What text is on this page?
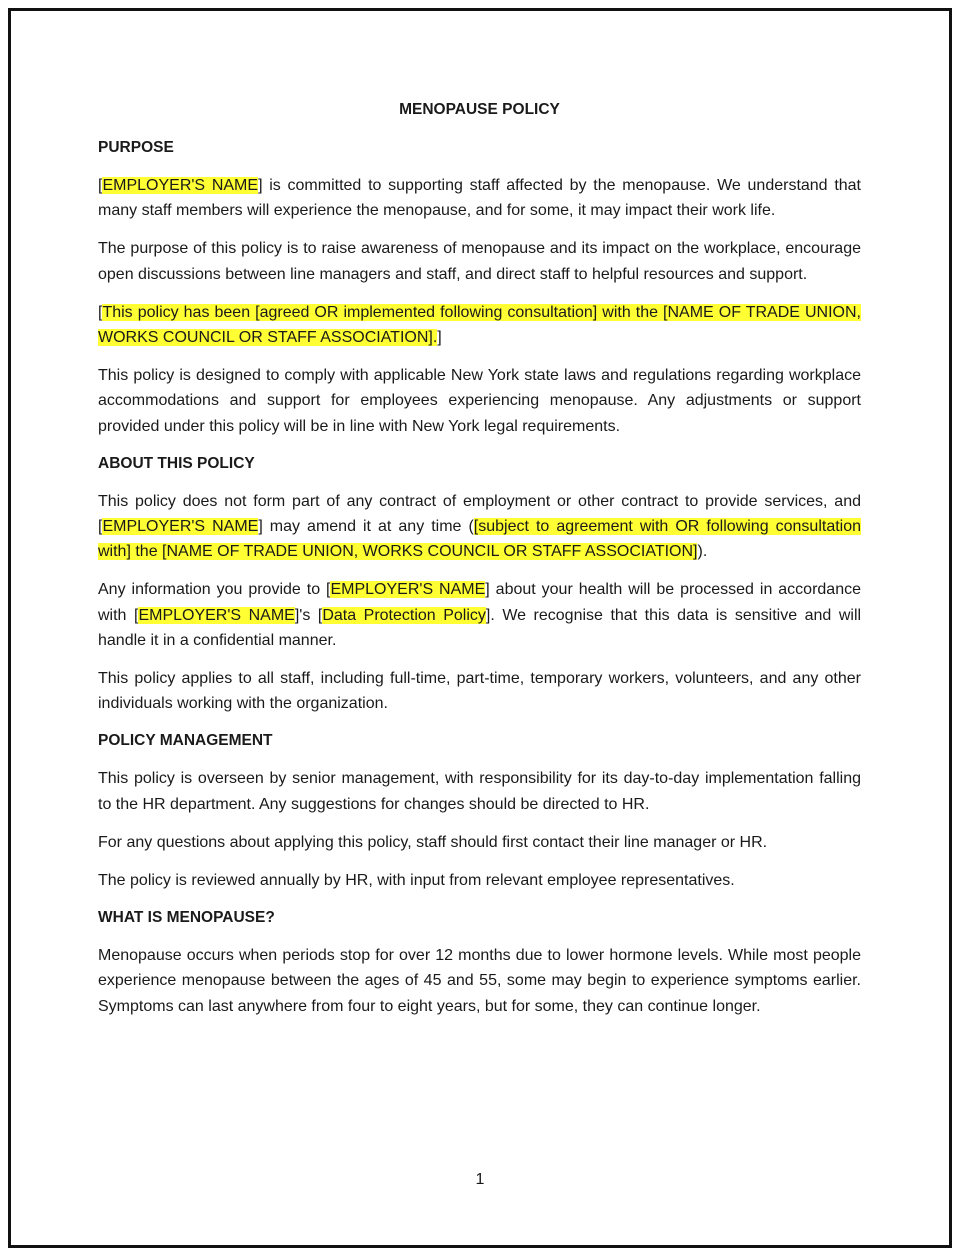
MENOPAUSE POLICY
PURPOSE

[EMPLOYER'S NAME] is committed to supporting staff affected by the menopause. We understand that many staff members will experience the menopause, and for some, it may impact their work life.

The purpose of this policy is to raise awareness of menopause and its impact on the workplace, encourage open discussions between line managers and staff, and direct staff to helpful resources and support.

[This policy has been [agreed OR implemented following consultation] with the [NAME OF TRADE UNION, WORKS COUNCIL OR STAFF ASSOCIATION].]

This policy is designed to comply with applicable New York state laws and regulations regarding workplace accommodations and support for employees experiencing menopause. Any adjustments or support provided under this policy will be in line with New York legal requirements.

ABOUT THIS POLICY

This policy does not form part of any contract of employment or other contract to provide services, and [EMPLOYER'S NAME] may amend it at any time ([subject to agreement with OR following consultation with] the [NAME OF TRADE UNION, WORKS COUNCIL OR STAFF ASSOCIATION]).

Any information you provide to [EMPLOYER'S NAME] about your health will be processed in accordance with [EMPLOYER'S NAME]'s [Data Protection Policy]. We recognise that this data is sensitive and will handle it in a confidential manner.

This policy applies to all staff, including full-time, part-time, temporary workers, volunteers, and any other individuals working with the organization.

POLICY MANAGEMENT

This policy is overseen by senior management, with responsibility for its day-to-day implementation falling to the HR department. Any suggestions for changes should be directed to HR.

For any questions about applying this policy, staff should first contact their line manager or HR.

The policy is reviewed annually by HR, with input from relevant employee representatives.

WHAT IS MENOPAUSE?

Menopause occurs when periods stop for over 12 months due to lower hormone levels. While most people experience menopause between the ages of 45 and 55, some may begin to experience symptoms earlier. Symptoms can last anywhere from four to eight years, but for some, they can continue longer.

1
